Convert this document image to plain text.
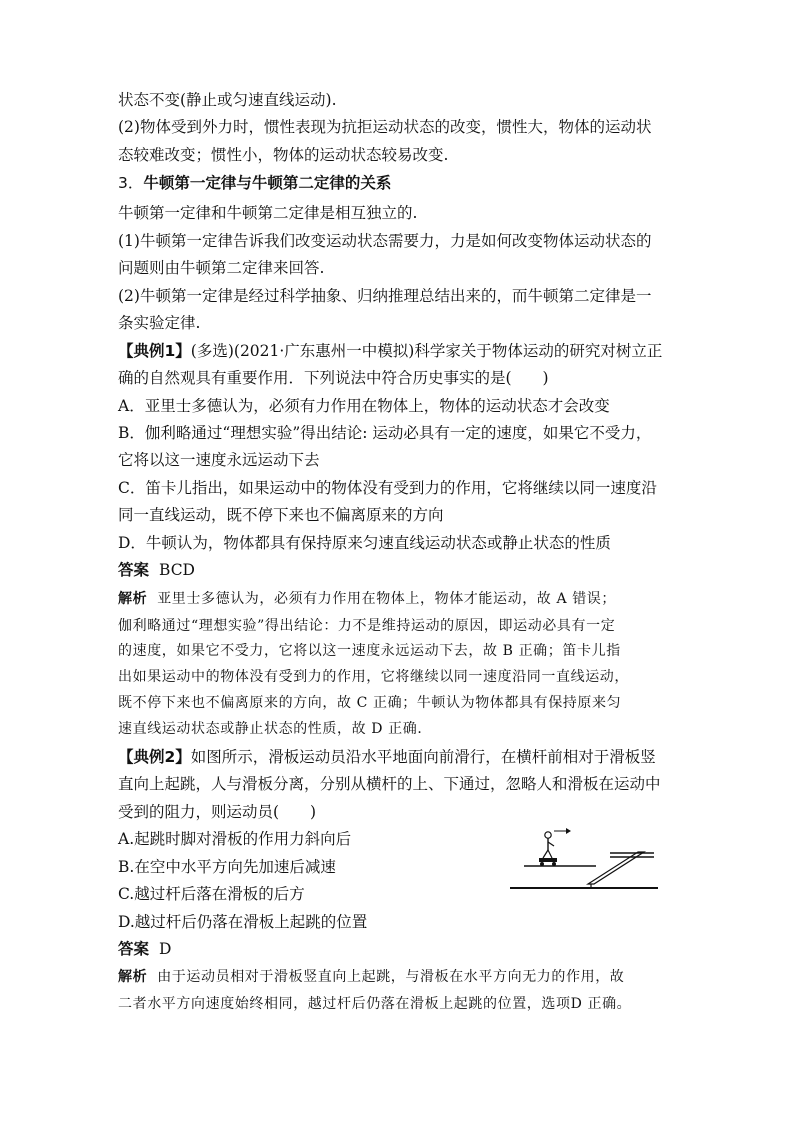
状态不变(静止或匀速直线运动).
(2)物体受到外力时，惯性表现为抗拒运动状态的改变，惯性大，物体的运动状
态较难改变；惯性小，物体的运动状态较易改变.
3．牛顿第一定律与牛顿第二定律的关系
牛顿第一定律和牛顿第二定律是相互独立的.
(1)牛顿第一定律告诉我们改变运动状态需要力，力是如何改变物体运动状态的
问题则由牛顿第二定律来回答.
(2)牛顿第一定律是经过科学抽象、归纳推理总结出来的，而牛顿第二定律是一
条实验定律.
【典例1】(多选)(2021·广东惠州一中模拟)科学家关于物体运动的研究对树立正
确的自然观具有重要作用．下列说法中符合历史事实的是(　　)
A．亚里士多德认为，必须有力作用在物体上，物体的运动状态才会改变
B．伽利略通过“理想实验”得出结论: 运动必具有一定的速度，如果它不受力，
它将以这一速度永远运动下去
C．笛卡儿指出，如果运动中的物体没有受到力的作用，它将继续以同一速度沿
同一直线运动，既不停下来也不偏离原来的方向
D．牛顿认为，物体都具有保持原来匀速直线运动状态或静止状态的性质
答案 BCD
解析 亚里士多德认为，必须有力作用在物体上，物体才能运动，故 A 错误；
伽利略通过“理想实验”得出结论：力不是维持运动的原因，即运动必具有一定
的速度，如果它不受力，它将以这一速度永远运动下去，故 B 正确；笛卡儿指
出如果运动中的物体没有受到力的作用，它将继续以同一速度沿同一直线运动，
既不停下来也不偏离原来的方向，故 C 正确；牛顿认为物体都具有保持原来匀
速直线运动状态或静止状态的性质，故 D 正确．
【典例2】如图所示，滑板运动员沿水平地面向前滑行，在横杆前相对于滑板竖
直向上起跳，人与滑板分离，分别从横杆的上、下通过，忽略人和滑板在运动中
受到的阻力，则运动员(　　)
A.起跳时脚对滑板的作用力斜向后
B.在空中水平方向先加速后减速
C.越过杆后落在滑板的后方
D.越过杆后仍落在滑板上起跳的位置
答案 D
解析 由于运动员相对于滑板竖直向上起跳，与滑板在水平方向无力的作用，故
二者水平方向速度始终相同，越过杆后仍落在滑板上起跳的位置，选项D 正确。
